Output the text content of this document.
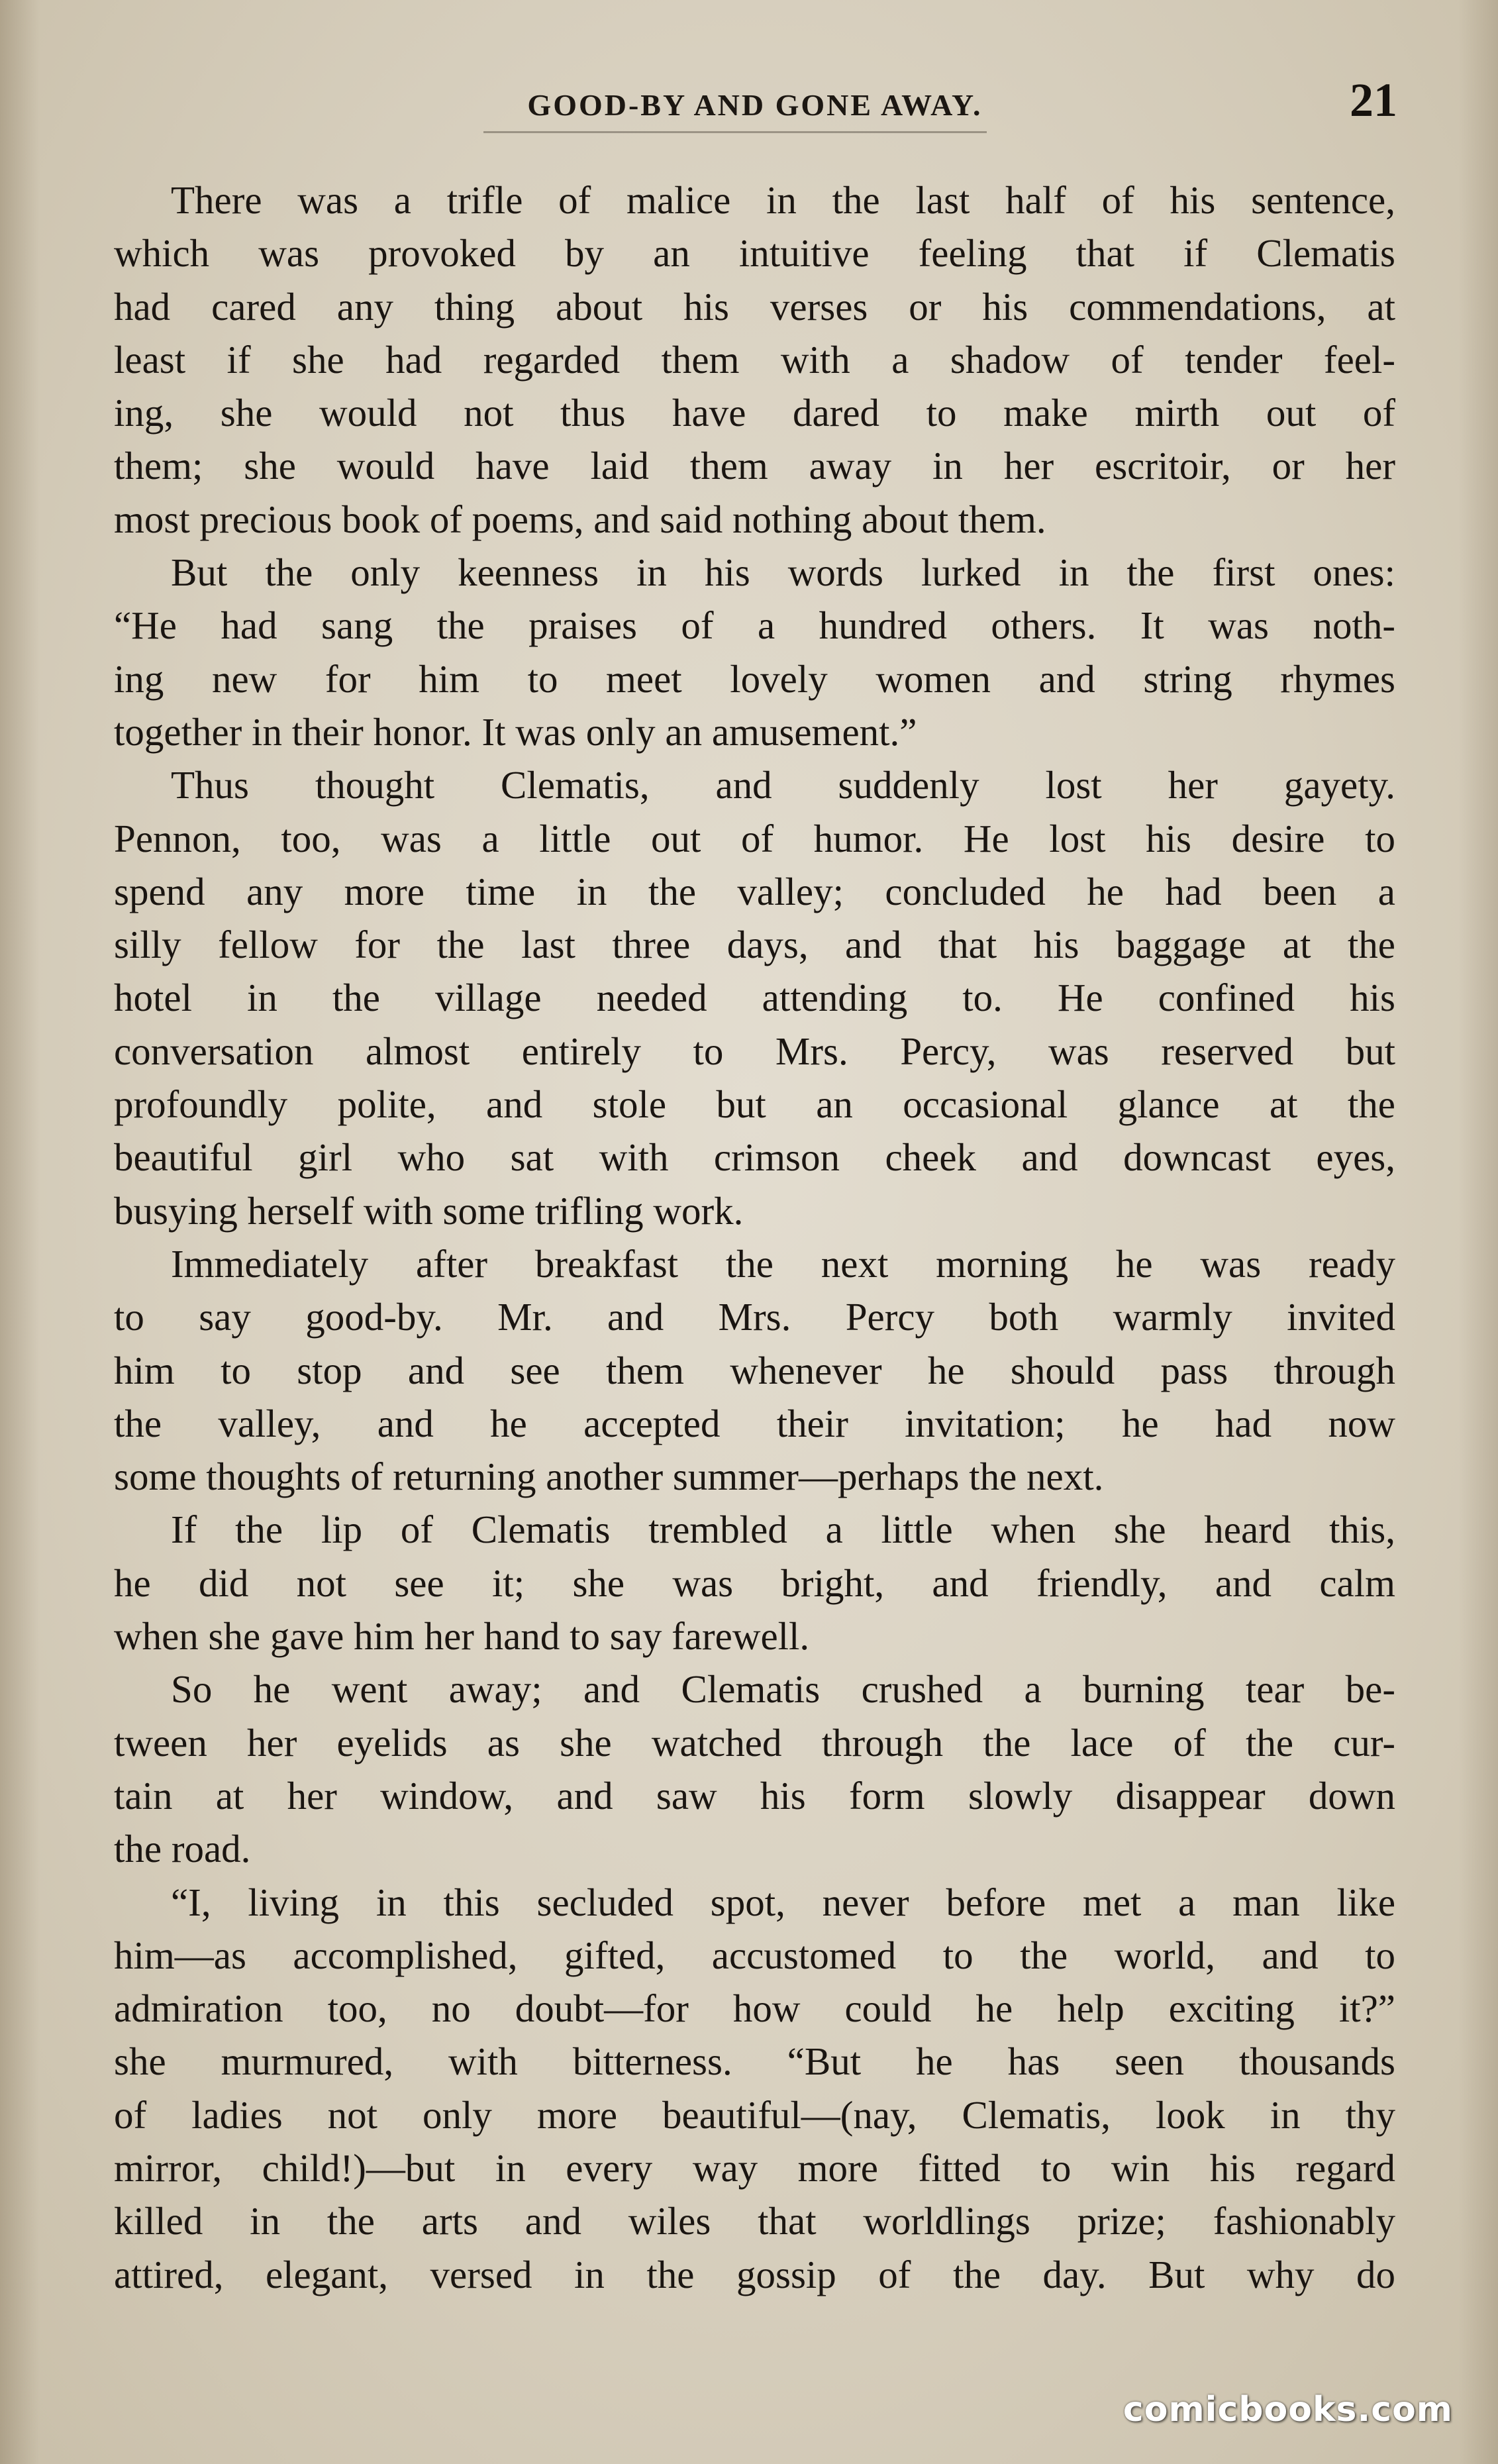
GOOD-BY AND GONE AWAY.	21

There was a trifle of malice in the last half of his sentence,
which was provoked by an intuitive feeling that if Clematis
had cared any thing about his verses or his commendations, at
least if she had regarded them with a shadow of tender feel-
ing, she would not thus have dared to make mirth out of
them; she would have laid them away in her escritoir, or her
most precious book of poems, and said nothing about them.

But the only keenness in his words lurked in the first ones:
“He had sang the praises of a hundred others. It was noth-
ing new for him to meet lovely women and string rhymes
together in their honor. It was only an amusement.”

Thus thought Clematis, and suddenly lost her gayety.
Pennon, too, was a little out of humor. He lost his desire to
spend any more time in the valley; concluded he had been a
silly fellow for the last three days, and that his baggage at the
hotel in the village needed attending to. He confined his
conversation almost entirely to Mrs. Percy, was reserved but
profoundly polite, and stole but an occasional glance at the
beautiful girl who sat with crimson cheek and downcast eyes,
busying herself with some trifling work.

Immediately after breakfast the next morning he was ready
to say good-by. Mr. and Mrs. Percy both warmly invited
him to stop and see them whenever he should pass through
the valley, and he accepted their invitation; he had now
some thoughts of returning another summer—perhaps the next.

If the lip of Clematis trembled a little when she heard this,
he did not see it; she was bright, and friendly, and calm
when she gave him her hand to say farewell.

So he went away; and Clematis crushed a burning tear be-
tween her eyelids as she watched through the lace of the cur-
tain at her window, and saw his form slowly disappear down
the road.

“I, living in this secluded spot, never before met a man like
him—as accomplished, gifted, accustomed to the world, and to
admiration too, no doubt—for how could he help exciting it?”
she murmured, with bitterness. “But he has seen thousands
of ladies not only more beautiful—(nay, Clematis, look in thy
mirror, child!)—but in every way more fitted to win his regard
killed in the arts and wiles that worldlings prize; fashionably
attired, elegant, versed in the gossip of the day. But why do

comicbooks.com
